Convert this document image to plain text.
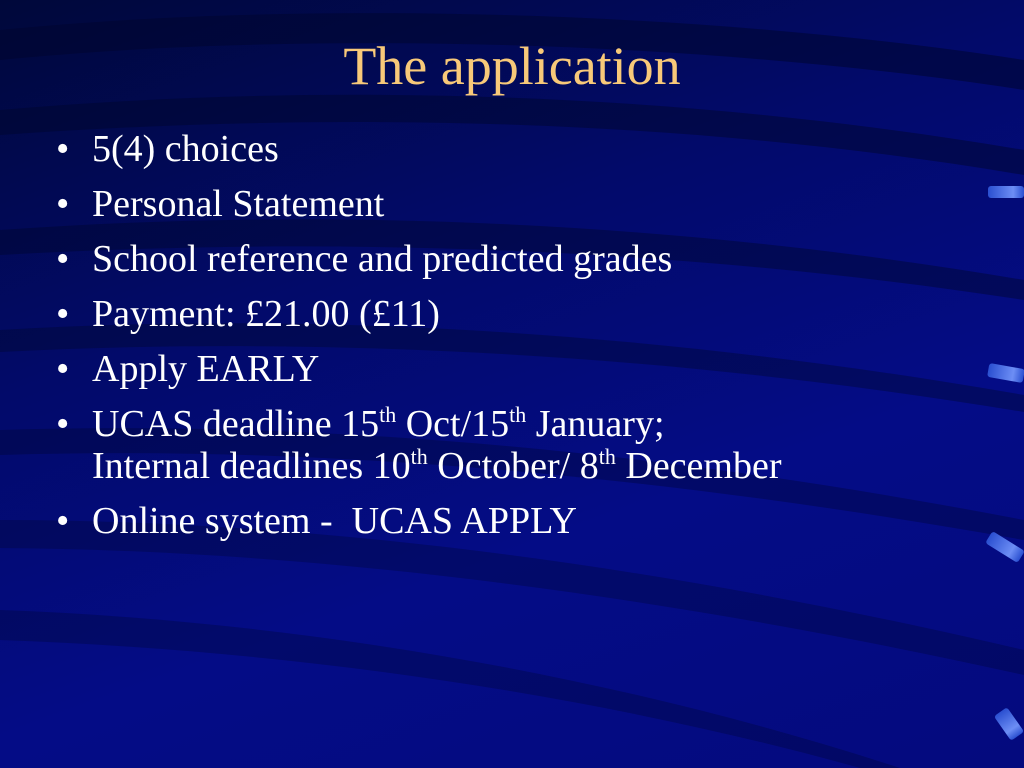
The application
• 5(4) choices
• Personal Statement
• School reference and predicted grades
• Payment: £21.00 (£11)
• Apply EARLY
• UCAS deadline 15th Oct/15th January;
Internal deadlines 10th October/ 8th December
• Online system -  UCAS APPLY
